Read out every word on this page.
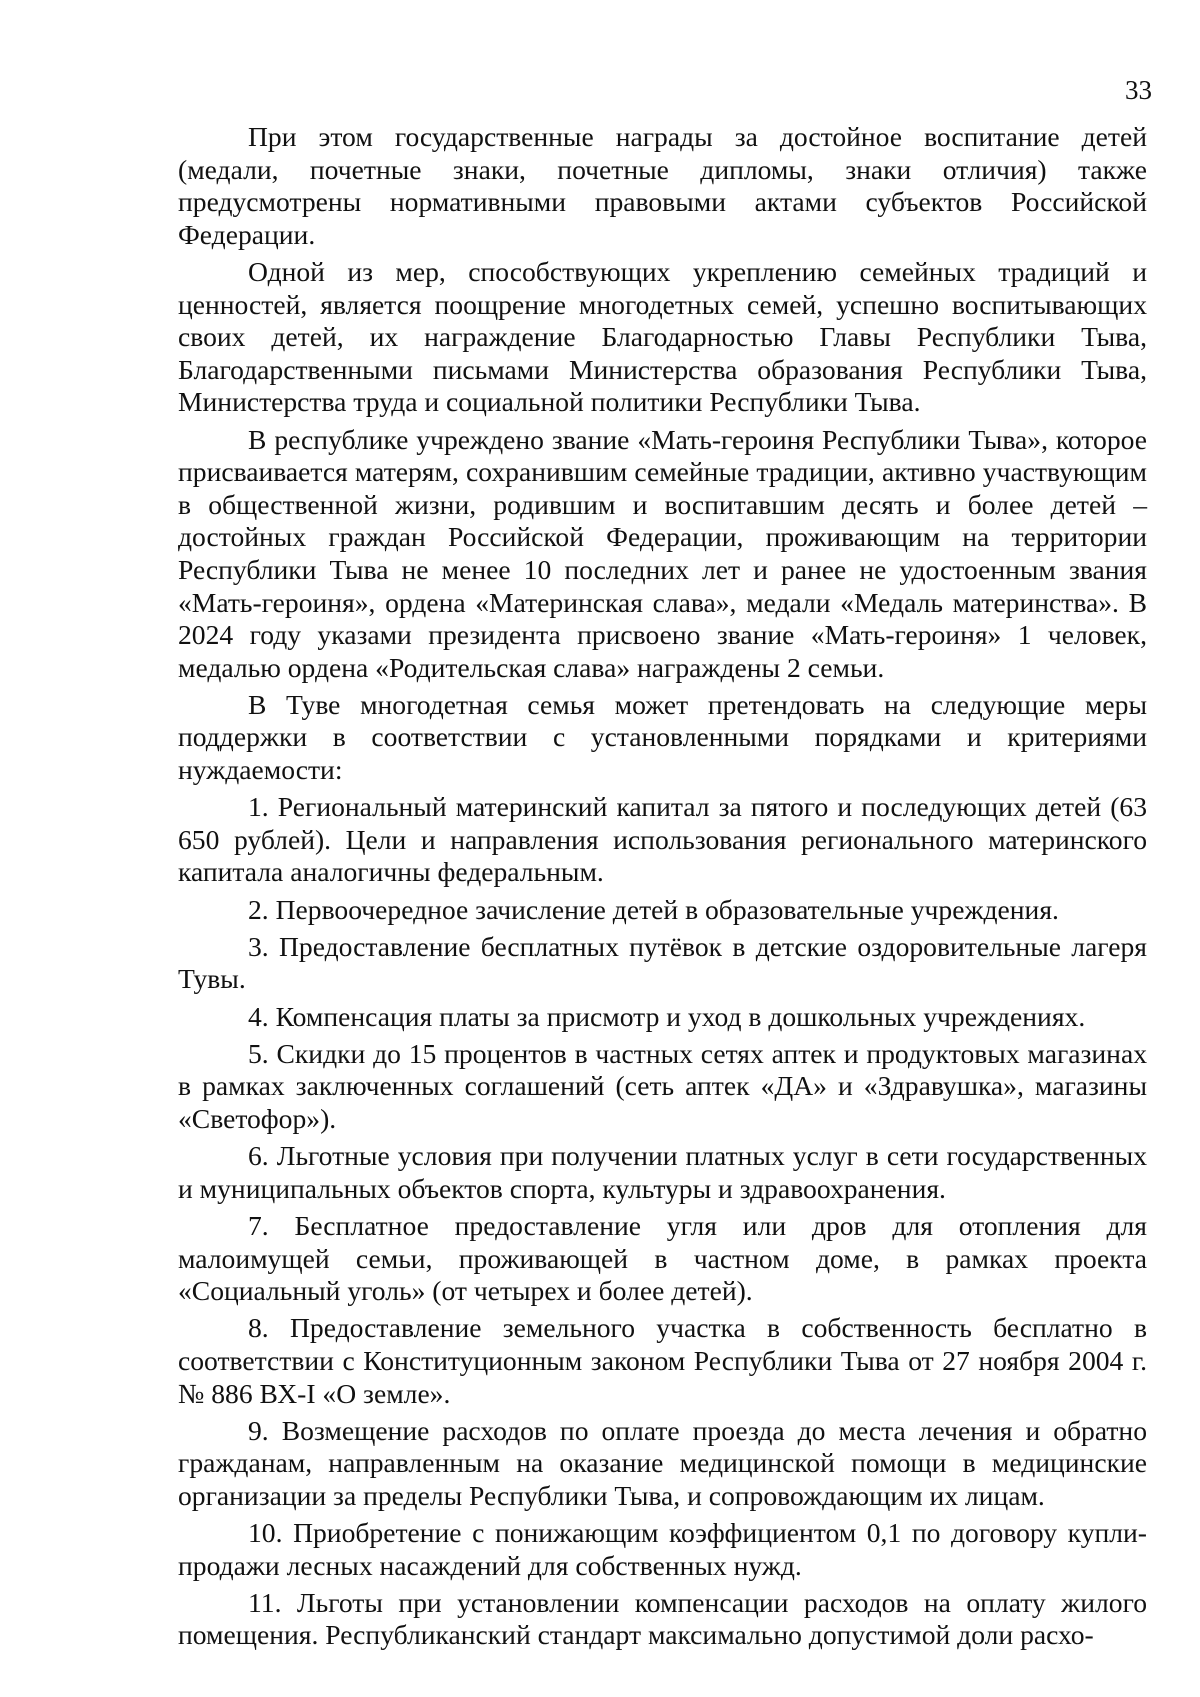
33

При этом государственные награды за достойное воспитание детей (медали, почетные знаки, почетные дипломы, знаки отличия) также предусмотрены нормативными правовыми актами субъектов Российской Федерации.

Одной из мер, способствующих укреплению семейных традиций и ценностей, является поощрение многодетных семей, успешно воспитывающих своих детей, их награждение Благодарностью Главы Республики Тыва, Благодарственными письмами Министерства образования Республики Тыва, Министерства труда и социальной политики Республики Тыва.

В республике учреждено звание «Мать-героиня Республики Тыва», которое присваивается матерям, сохранившим семейные традиции, активно участвующим в общественной жизни, родившим и воспитавшим десять и более детей – достойных граждан Российской Федерации, проживающим на территории Республики Тыва не менее 10 последних лет и ранее не удостоенным звания «Мать-героиня», ордена «Материнская слава», медали «Медаль материнства». В 2024 году указами президента присвоено звание «Мать-героиня» 1 человек, медалью ордена «Родительская слава» награждены 2 семьи.

В Туве многодетная семья может претендовать на следующие меры поддержки в соответствии с установленными порядками и критериями нуждаемости:

1. Региональный материнский капитал за пятого и последующих детей (63 650 рублей). Цели и направления использования регионального материнского капитала аналогичны федеральным.

2. Первоочередное зачисление детей в образовательные учреждения.

3. Предоставление бесплатных путёвок в детские оздоровительные лагеря Тувы.

4. Компенсация платы за присмотр и уход в дошкольных учреждениях.

5. Скидки до 15 процентов в частных сетях аптек и продуктовых магазинах в рамках заключенных соглашений (сеть аптек «ДА» и «Здравушка», магазины «Светофор»).

6. Льготные условия при получении платных услуг в сети государственных и муниципальных объектов спорта, культуры и здравоохранения.

7. Бесплатное предоставление угля или дров для отопления для малоимущей семьи, проживающей в частном доме, в рамках проекта «Социальный уголь» (от четырех и более детей).

8. Предоставление земельного участка в собственность бесплатно в соответствии с Конституционным законом Республики Тыва от 27 ноября 2004 г. № 886 ВХ-I «О земле».

9. Возмещение расходов по оплате проезда до места лечения и обратно гражданам, направленным на оказание медицинской помощи в медицинские организации за пределы Республики Тыва, и сопровождающим их лицам.

10. Приобретение с понижающим коэффициентом 0,1 по договору купли-продажи лесных насаждений для собственных нужд.

11. Льготы при установлении компенсации расходов на оплату жилого помещения. Республиканский стандарт максимально допустимой доли расхо-
